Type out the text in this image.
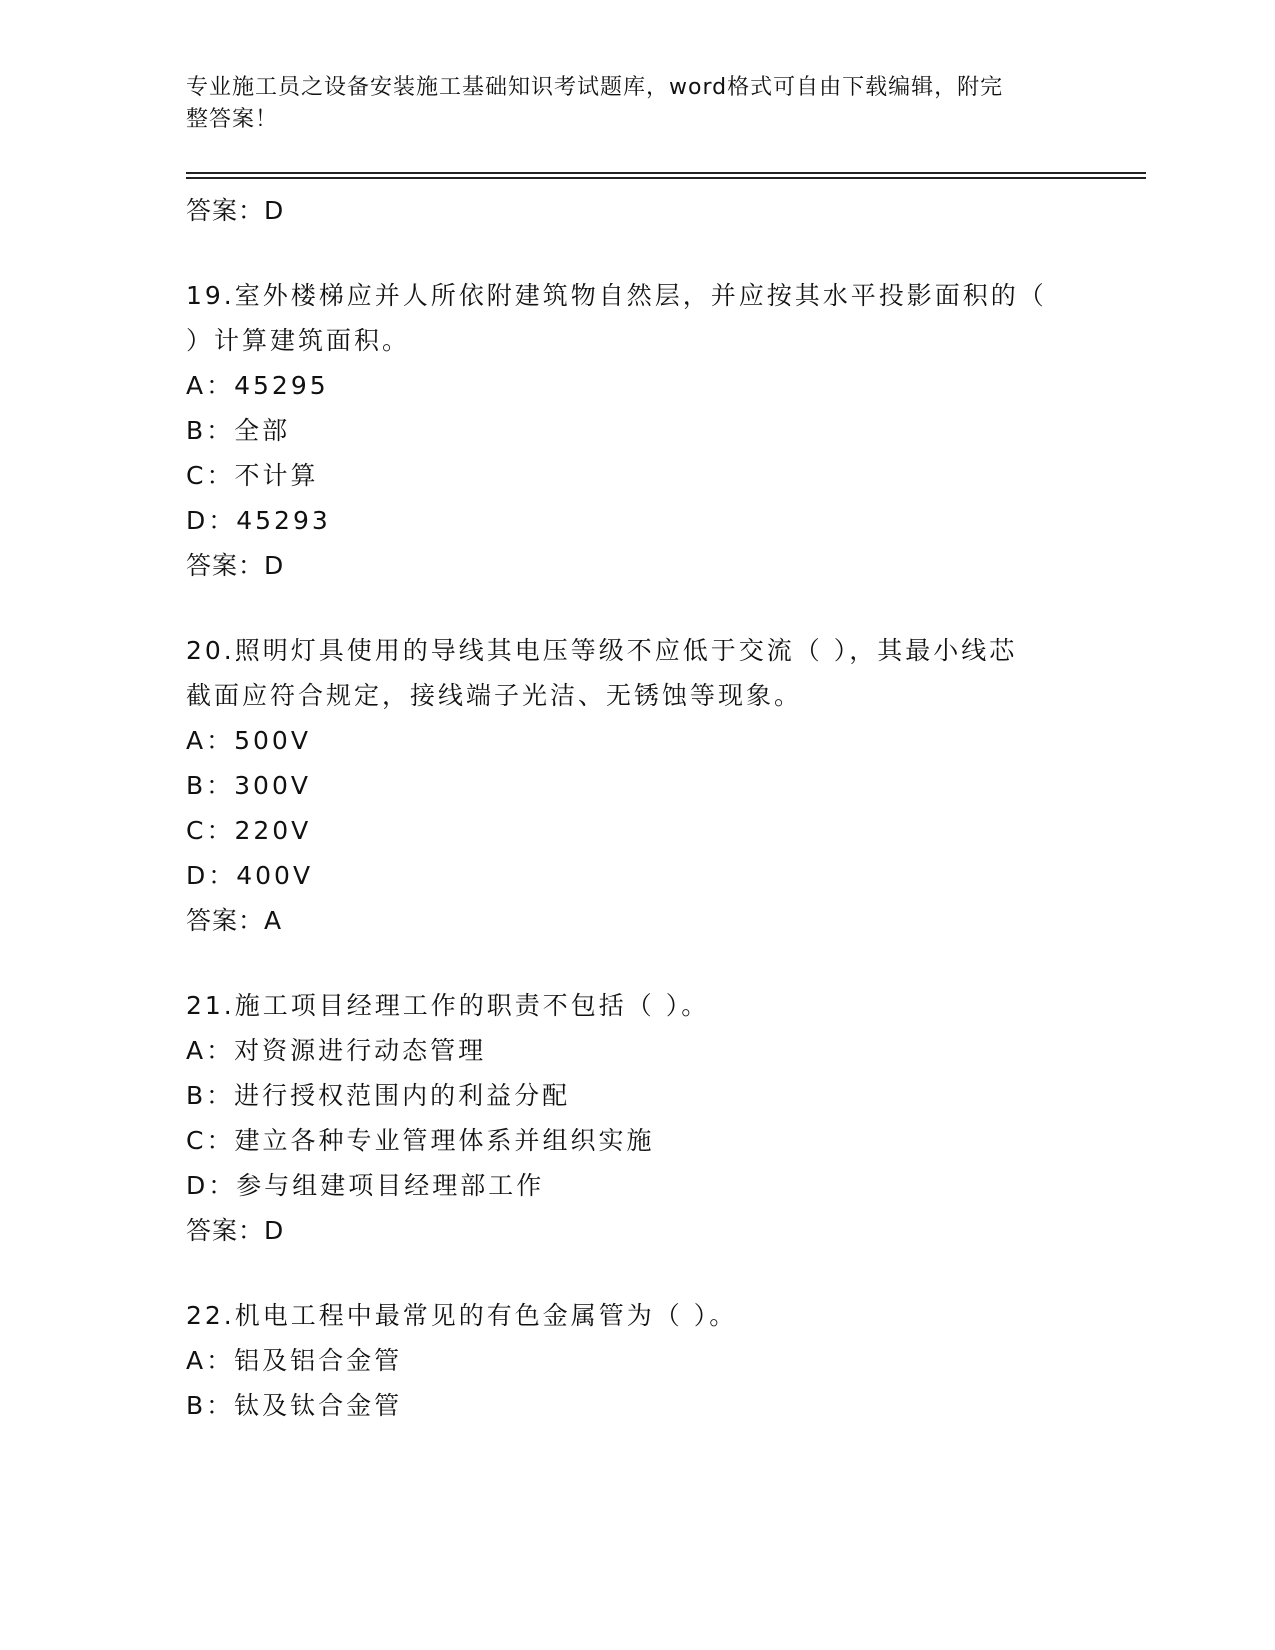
专业施工员之设备安装施工基础知识考试题库，word格式可自由下载编辑，附完
整答案！
答案：D
19.室外楼梯应并人所依附建筑物自然层，并应按其水平投影面积的（
）计算建筑面积。
A：45295
B：全部
C：不计算
D：45293
答案：D
20.照明灯具使用的导线其电压等级不应低于交流（ ），其最小线芯
截面应符合规定，接线端子光洁、无锈蚀等现象。
A：500V
B：300V
C：220V
D：400V
答案：A
21.施工项目经理工作的职责不包括（ ）。
A：对资源进行动态管理
B：进行授权范围内的利益分配
C：建立各种专业管理体系并组织实施
D：参与组建项目经理部工作
答案：D
22.机电工程中最常见的有色金属管为（ ）。
A：铝及铝合金管
B：钛及钛合金管
